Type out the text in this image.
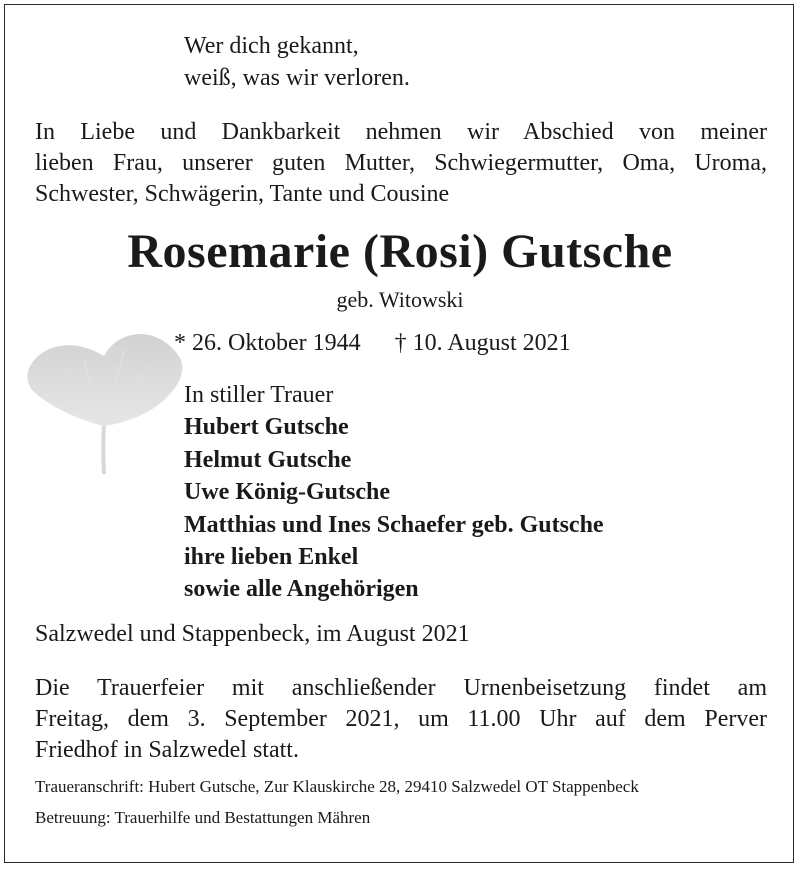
Wer dich gekannt,
weiß, was wir verloren.
In Liebe und Dankbarkeit nehmen wir Abschied von meiner
lieben Frau, unserer guten Mutter, Schwiegermutter, Oma, Uroma,
Schwester, Schwägerin, Tante und Cousine
Rosemarie (Rosi) Gutsche
geb. Witowski
* 26. Oktober 1944 † 10. August 2021
In stiller Trauer
Hubert Gutsche
Helmut Gutsche
Uwe König-Gutsche
Matthias und Ines Schaefer geb. Gutsche
ihre lieben Enkel
sowie alle Angehörigen
Salzwedel und Stappenbeck, im August 2021
Die Trauerfeier mit anschließender Urnenbeisetzung findet am
Freitag, dem 3. September 2021, um 11.00 Uhr auf dem Perver
Friedhof in Salzwedel statt.
Traueranschrift: Hubert Gutsche, Zur Klauskirche 28, 29410 Salzwedel OT Stappenbeck
Betreuung: Trauerhilfe und Bestattungen Mähren
